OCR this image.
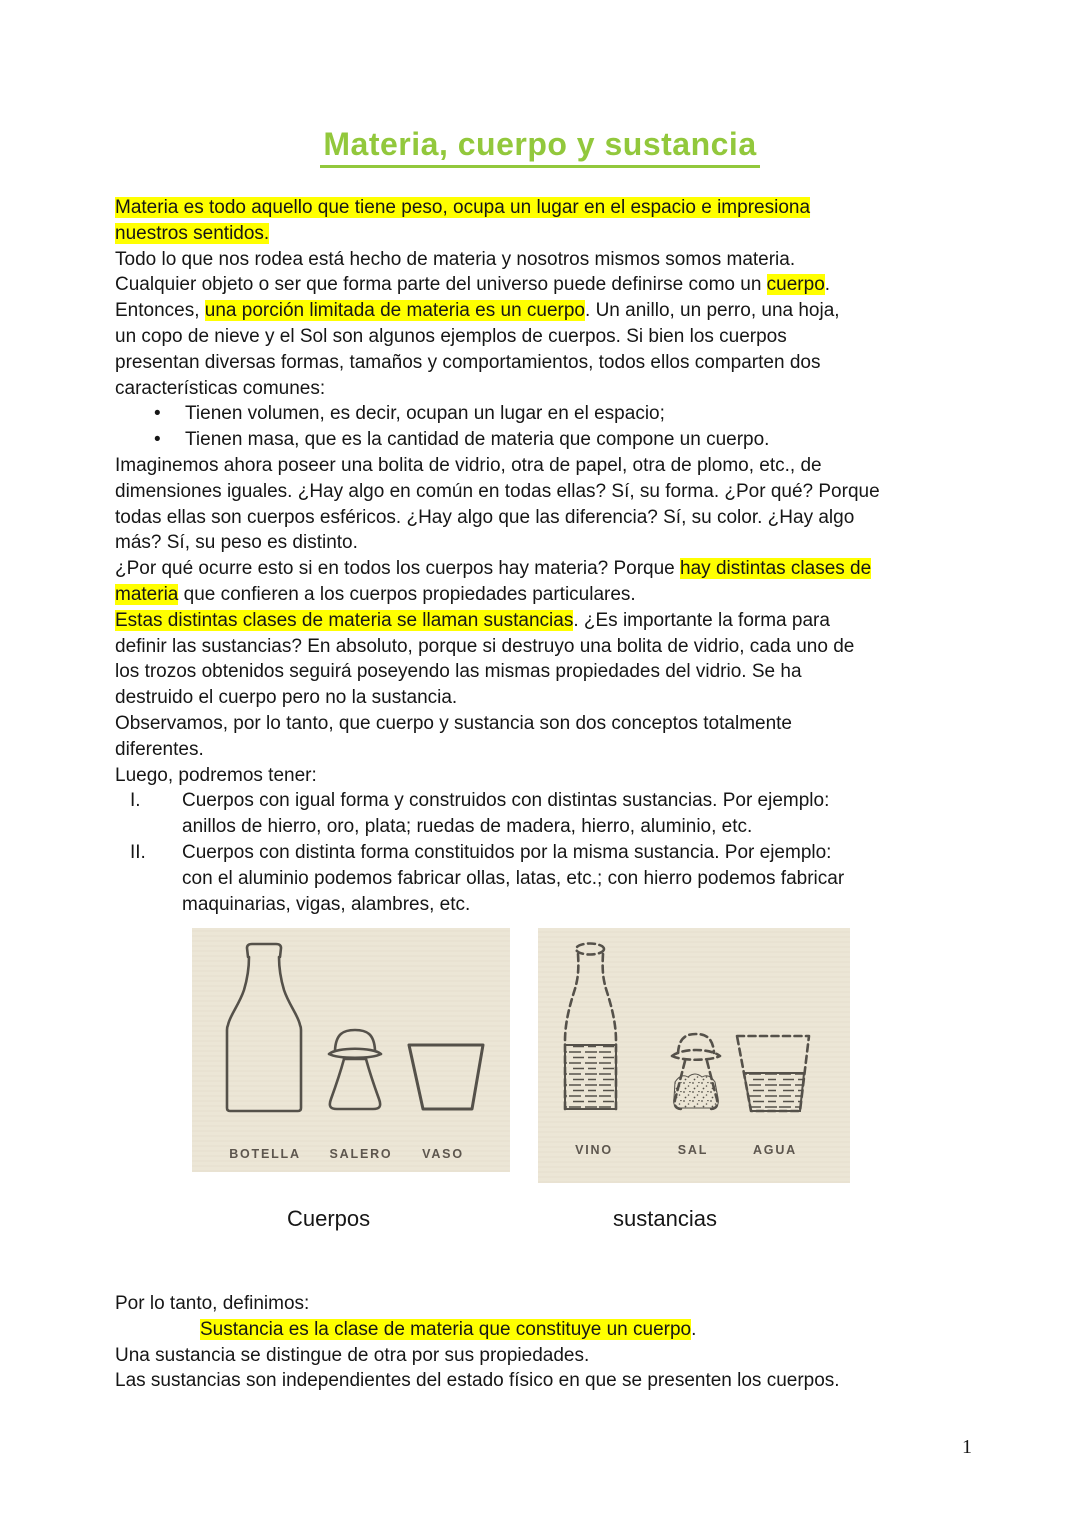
Materia, cuerpo y sustancia
Materia es todo aquello que tiene peso, ocupa un lugar en el espacio e impresiona
nuestros sentidos.
Todo lo que nos rodea está hecho de materia y nosotros mismos somos materia.
Cualquier objeto o ser que forma parte del universo puede definirse como un cuerpo.
Entonces, una porción limitada de materia es un cuerpo. Un anillo, un perro, una hoja,
un copo de nieve y el Sol son algunos ejemplos de cuerpos. Si bien los cuerpos
presentan diversas formas, tamaños y comportamientos, todos ellos comparten dos
características comunes:
• Tienen volumen, es decir, ocupan un lugar en el espacio;
• Tienen masa, que es la cantidad de materia que compone un cuerpo.
Imaginemos ahora poseer una bolita de vidrio, otra de papel, otra de plomo, etc., de
dimensiones iguales. ¿Hay algo en común en todas ellas? Sí, su forma. ¿Por qué? Porque
todas ellas son cuerpos esféricos. ¿Hay algo que las diferencia? Sí, su color. ¿Hay algo
más? Sí, su peso es distinto.
¿Por qué ocurre esto si en todos los cuerpos hay materia? Porque hay distintas clases de
materia que confieren a los cuerpos propiedades particulares.
Estas distintas clases de materia se llaman sustancias. ¿Es importante la forma para
definir las sustancias? En absoluto, porque si destruyo una bolita de vidrio, cada uno de
los trozos obtenidos seguirá poseyendo las mismas propiedades del vidrio. Se ha
destruido el cuerpo pero no la sustancia.
Observamos, por lo tanto, que cuerpo y sustancia son dos conceptos totalmente
diferentes.
Luego, podremos tener:
I. Cuerpos con igual forma y construidos con distintas sustancias. Por ejemplo:
anillos de hierro, oro, plata; ruedas de madera, hierro, aluminio, etc.
II. Cuerpos con distinta forma constituidos por la misma sustancia. Por ejemplo:
con el aluminio podemos fabricar ollas, latas, etc.; con hierro podemos fabricar
maquinarias, vigas, alambres, etc.
BOTELLA SALERO VASO	VINO	SAL	AGUA
Cuerpos	sustancias
Por lo tanto, definimos:
Sustancia es la clase de materia que constituye un cuerpo.
Una sustancia se distingue de otra por sus propiedades.
Las sustancias son independientes del estado físico en que se presenten los cuerpos.
1
